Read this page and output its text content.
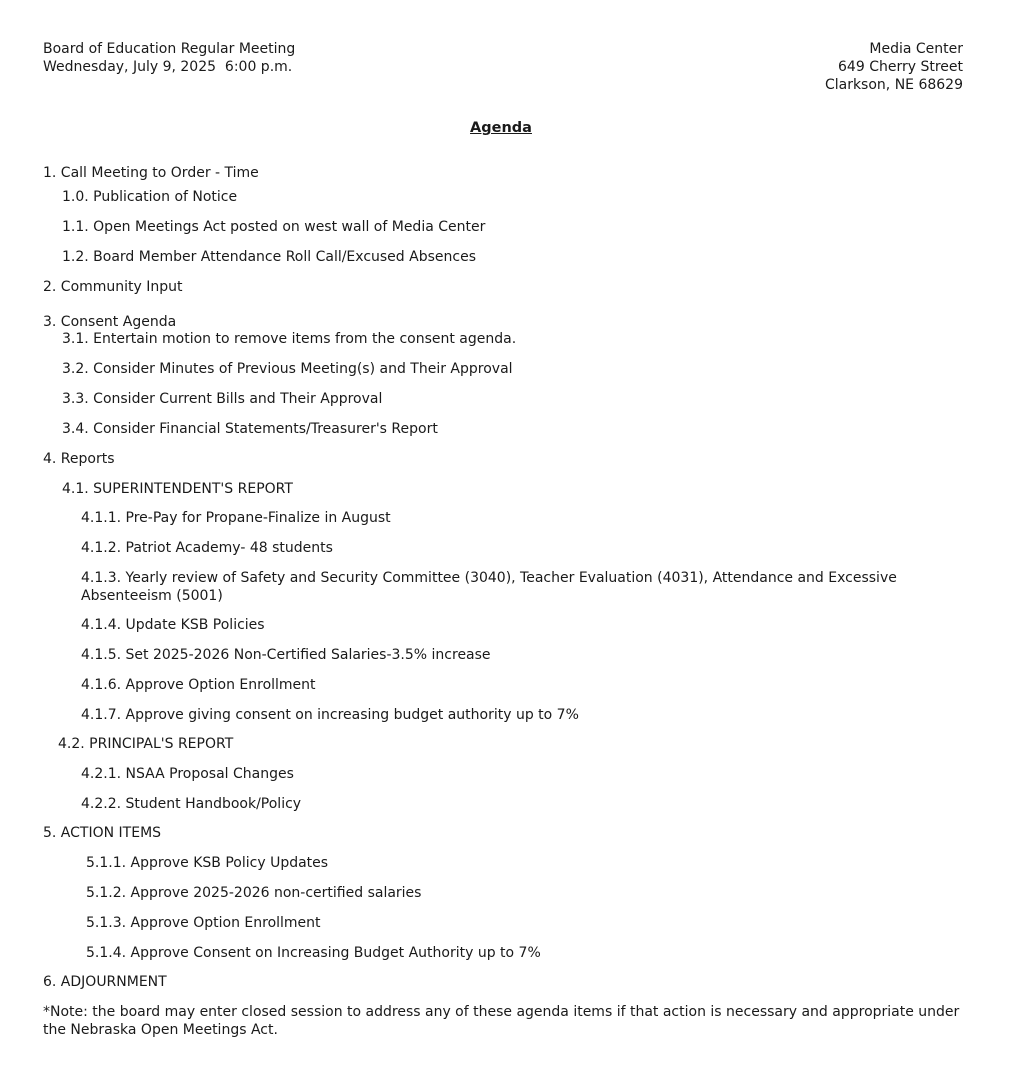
Board of Education Regular Meeting
Wednesday, July 9, 2025  6:00 p.m.
Media Center
649 Cherry Street
Clarkson, NE 68629
Agenda
1. Call Meeting to Order - Time
1.0. Publication of Notice
1.1. Open Meetings Act posted on west wall of Media Center
1.2. Board Member Attendance Roll Call/Excused Absences
2. Community Input
3. Consent Agenda
3.1. Entertain motion to remove items from the consent agenda.
3.2. Consider Minutes of Previous Meeting(s) and Their Approval
3.3. Consider Current Bills and Their Approval
3.4. Consider Financial Statements/Treasurer's Report
4. Reports
4.1. SUPERINTENDENT'S REPORT
4.1.1. Pre-Pay for Propane-Finalize in August
4.1.2. Patriot Academy- 48 students
4.1.3. Yearly review of Safety and Security Committee (3040), Teacher Evaluation (4031), Attendance and Excessive Absenteeism (5001)
4.1.4. Update KSB Policies
4.1.5. Set 2025-2026 Non-Certified Salaries-3.5% increase
4.1.6. Approve Option Enrollment
4.1.7. Approve giving consent on increasing budget authority up to 7%
4.2. PRINCIPAL'S REPORT
4.2.1. NSAA Proposal Changes
4.2.2. Student Handbook/Policy
5. ACTION ITEMS
5.1.1. Approve KSB Policy Updates
5.1.2. Approve 2025-2026 non-certified salaries
5.1.3. Approve Option Enrollment
5.1.4. Approve Consent on Increasing Budget Authority up to 7%
6. ADJOURNMENT
*Note: the board may enter closed session to address any of these agenda items if that action is necessary and appropriate under the Nebraska Open Meetings Act.
